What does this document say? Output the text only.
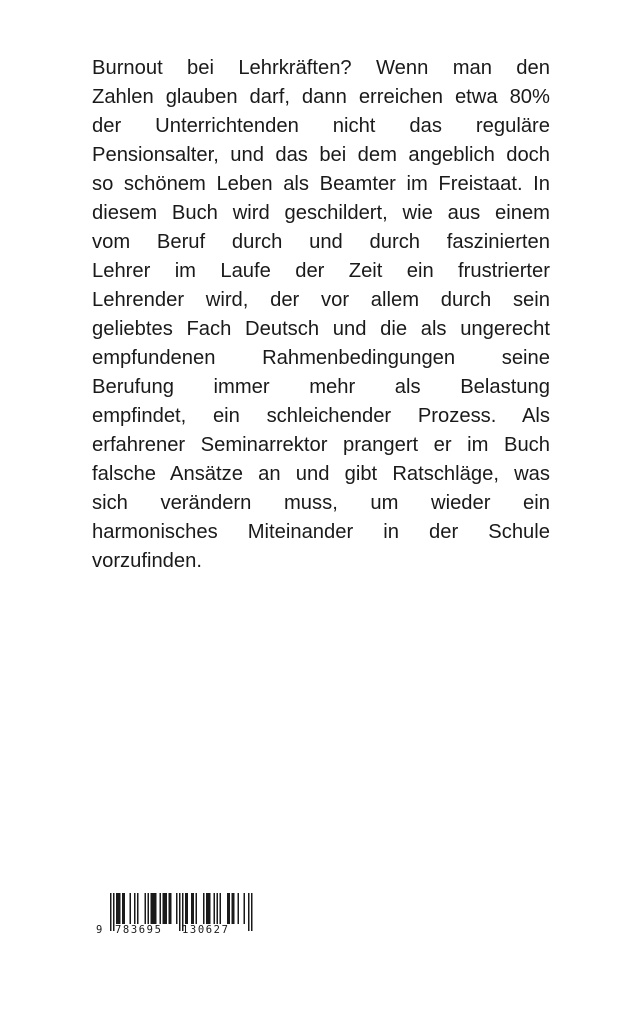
Burnout bei Lehrkräften? Wenn man den
Zahlen glauben darf, dann erreichen etwa 80%
der Unterrichtenden nicht das reguläre
Pensionsalter, und das bei dem angeblich doch
so schönem Leben als Beamter im Freistaat. In
diesem Buch wird geschildert, wie aus einem
vom Beruf durch und durch faszinierten
Lehrer im Laufe der Zeit ein frustrierter
Lehrender wird, der vor allem durch sein
geliebtes Fach Deutsch und die als ungerecht
empfundenen Rahmenbedingungen seine
Berufung immer mehr als Belastung
empfindet, ein schleichender Prozess. Als
erfahrener Seminarrektor prangert er im Buch
falsche Ansätze an und gibt Ratschläge, was
sich verändern muss, um wieder ein
harmonisches Miteinander in der Schule
vorzufinden.
9 783695 130627
